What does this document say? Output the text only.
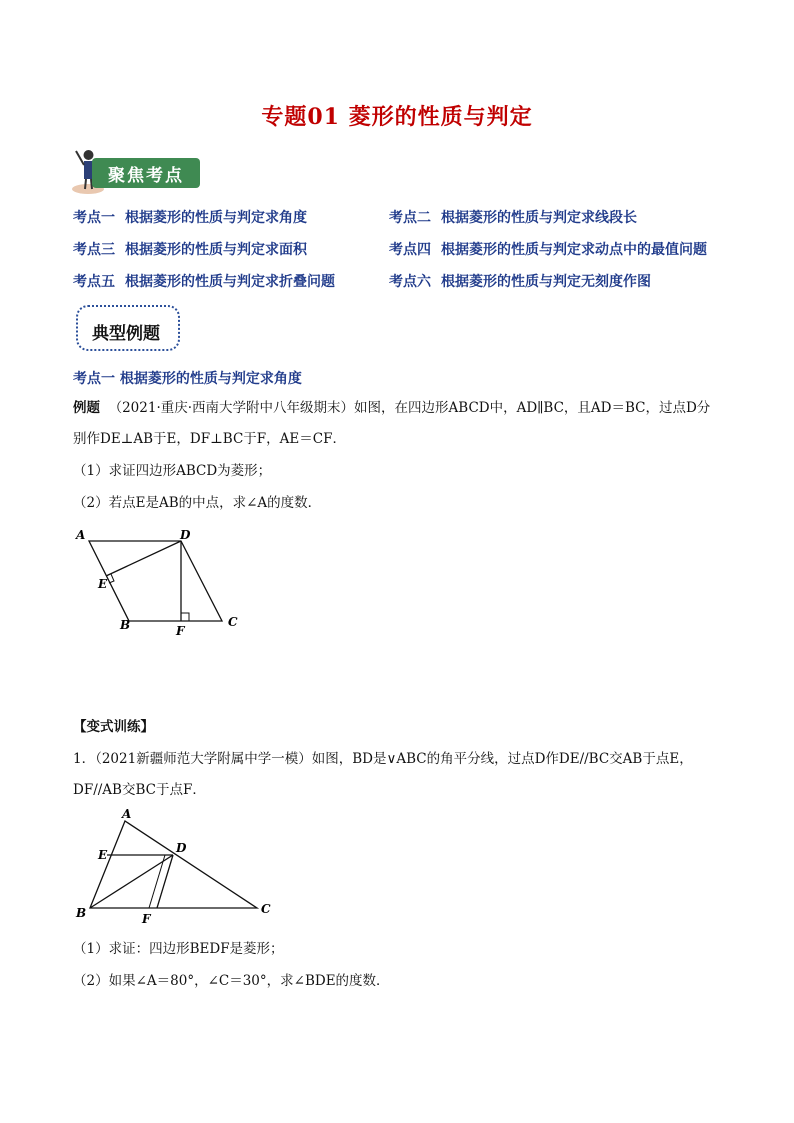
专题01 菱形的性质与判定
聚焦考点
考点一 根据菱形的性质与判定求角度	考点二 根据菱形的性质与判定求线段长
考点三 根据菱形的性质与判定求面积	考点四 根据菱形的性质与判定求动点中的最值问题
考点五 根据菱形的性质与判定求折叠问题	考点六 根据菱形的性质与判定无刻度作图
典型例题
考点一 根据菱形的性质与判定求角度
例题 （2021·重庆·西南大学附中八年级期末）如图，在四边形ABCD中，AD∥BC，且AD＝BC，过点D分
别作DE⊥AB于E，DF⊥BC于F，AE＝CF．
（1）求证四边形ABCD为菱形；
（2）若点E是AB的中点，求∠A的度数．
A	D
E
B	F
C
【变式训练】
1．（2021新疆师范大学附属中学一模）如图，BD是∨ABC的角平分线，过点D作DE//BC交AB于点E，
DF//AB交BC于点F．
A
E	D
B	F
C
（1）求证：四边形BEDF是菱形；
（2）如果∠A＝80°，∠C＝30°，求∠BDE的度数．
